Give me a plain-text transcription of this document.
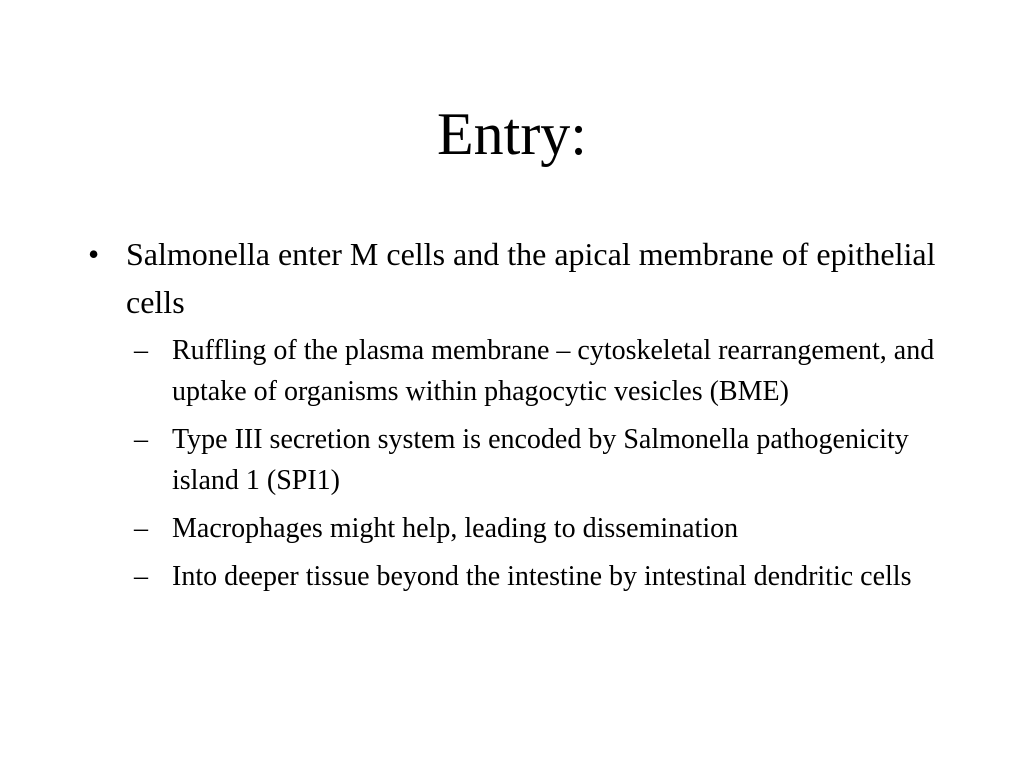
Entry:
• Salmonella enter M cells and the apical membrane of epithelial cells
– Ruffling of the plasma membrane – cytoskeletal rearrangement, and uptake of organisms within phagocytic vesicles (BME)
– Type III secretion system is encoded by Salmonella pathogenicity island 1 (SPI1)
– Macrophages might help, leading to dissemination
– Into deeper tissue beyond the intestine by intestinal dendritic cells
